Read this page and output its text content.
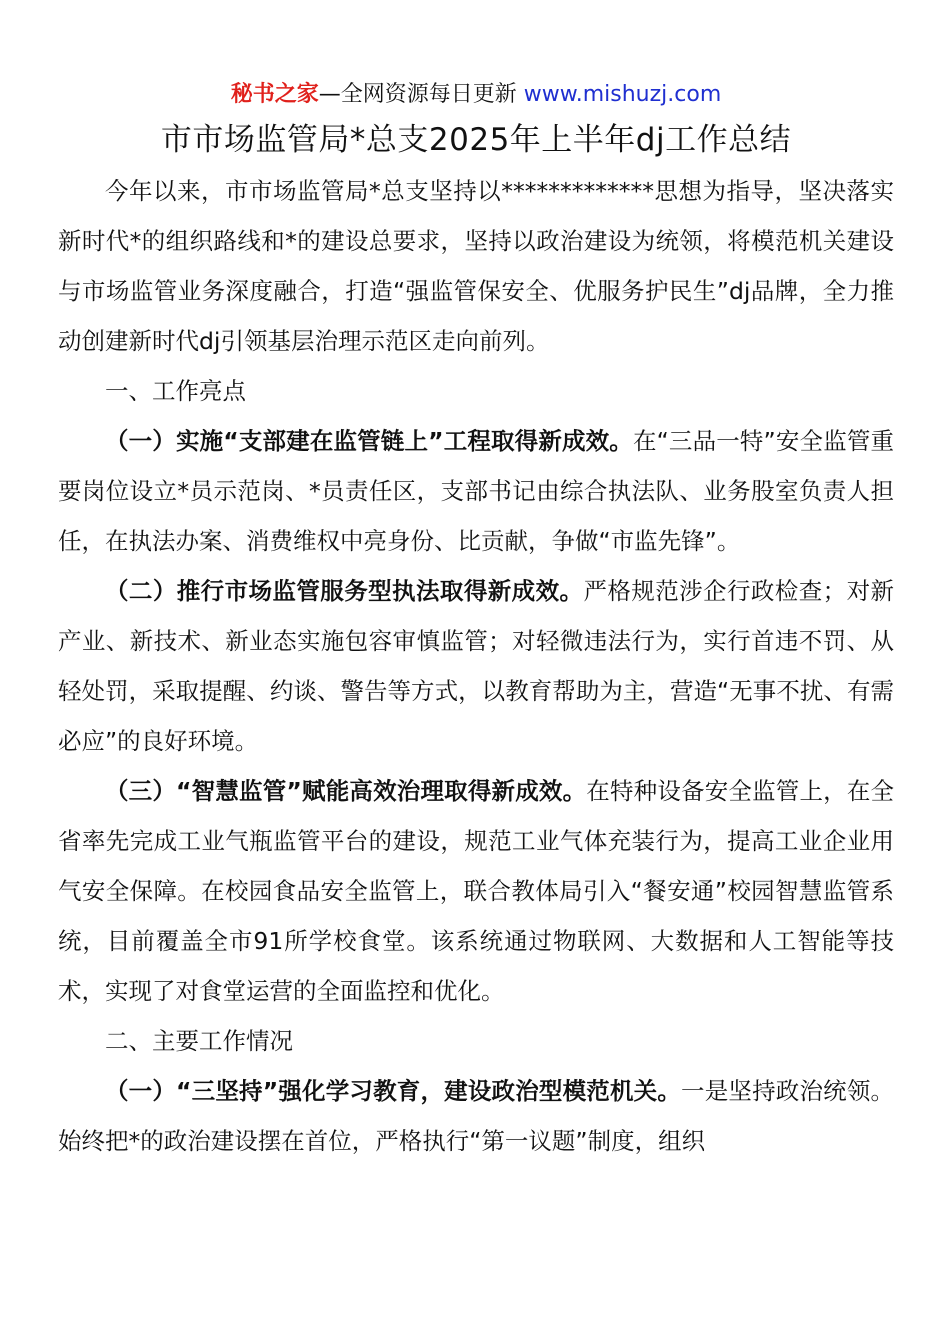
秘书之家—全网资源每日更新 www.mishuzj.com
市市场监管局*总支2025年上半年dj工作总结

今年以来，市市场监管局*总支坚持以*************思想为指导，坚决落实新时代*的组织路线和*的建设总要求，坚持以政治建设为统领，将模范机关建设与市场监管业务深度融合，打造“强监管保安全、优服务护民生”dj品牌，全力推动创建新时代dj引领基层治理示范区走向前列。

一、工作亮点

（一）实施“支部建在监管链上”工程取得新成效。在“三品一特”安全监管重要岗位设立*员示范岗、*员责任区，支部书记由综合执法队、业务股室负责人担任，在执法办案、消费维权中亮身份、比贡献，争做“市监先锋”。

（二）推行市场监管服务型执法取得新成效。严格规范涉企行政检查；对新产业、新技术、新业态实施包容审慎监管；对轻微违法行为，实行首违不罚、从轻处罚，采取提醒、约谈、警告等方式，以教育帮助为主，营造“无事不扰、有需必应”的良好环境。

（三）“智慧监管”赋能高效治理取得新成效。在特种设备安全监管上，在全省率先完成工业气瓶监管平台的建设，规范工业气体充装行为，提高工业企业用气安全保障。在校园食品安全监管上，联合教体局引入“餐安通”校园智慧监管系统，目前覆盖全市91所学校食堂。该系统通过物联网、大数据和人工智能等技术，实现了对食堂运营的全面监控和优化。

二、主要工作情况

（一）“三坚持”强化学习教育，建设政治型模范机关。一是坚持政治统领。始终把*的政治建设摆在首位，严格执行“第一议题”制度，组织
